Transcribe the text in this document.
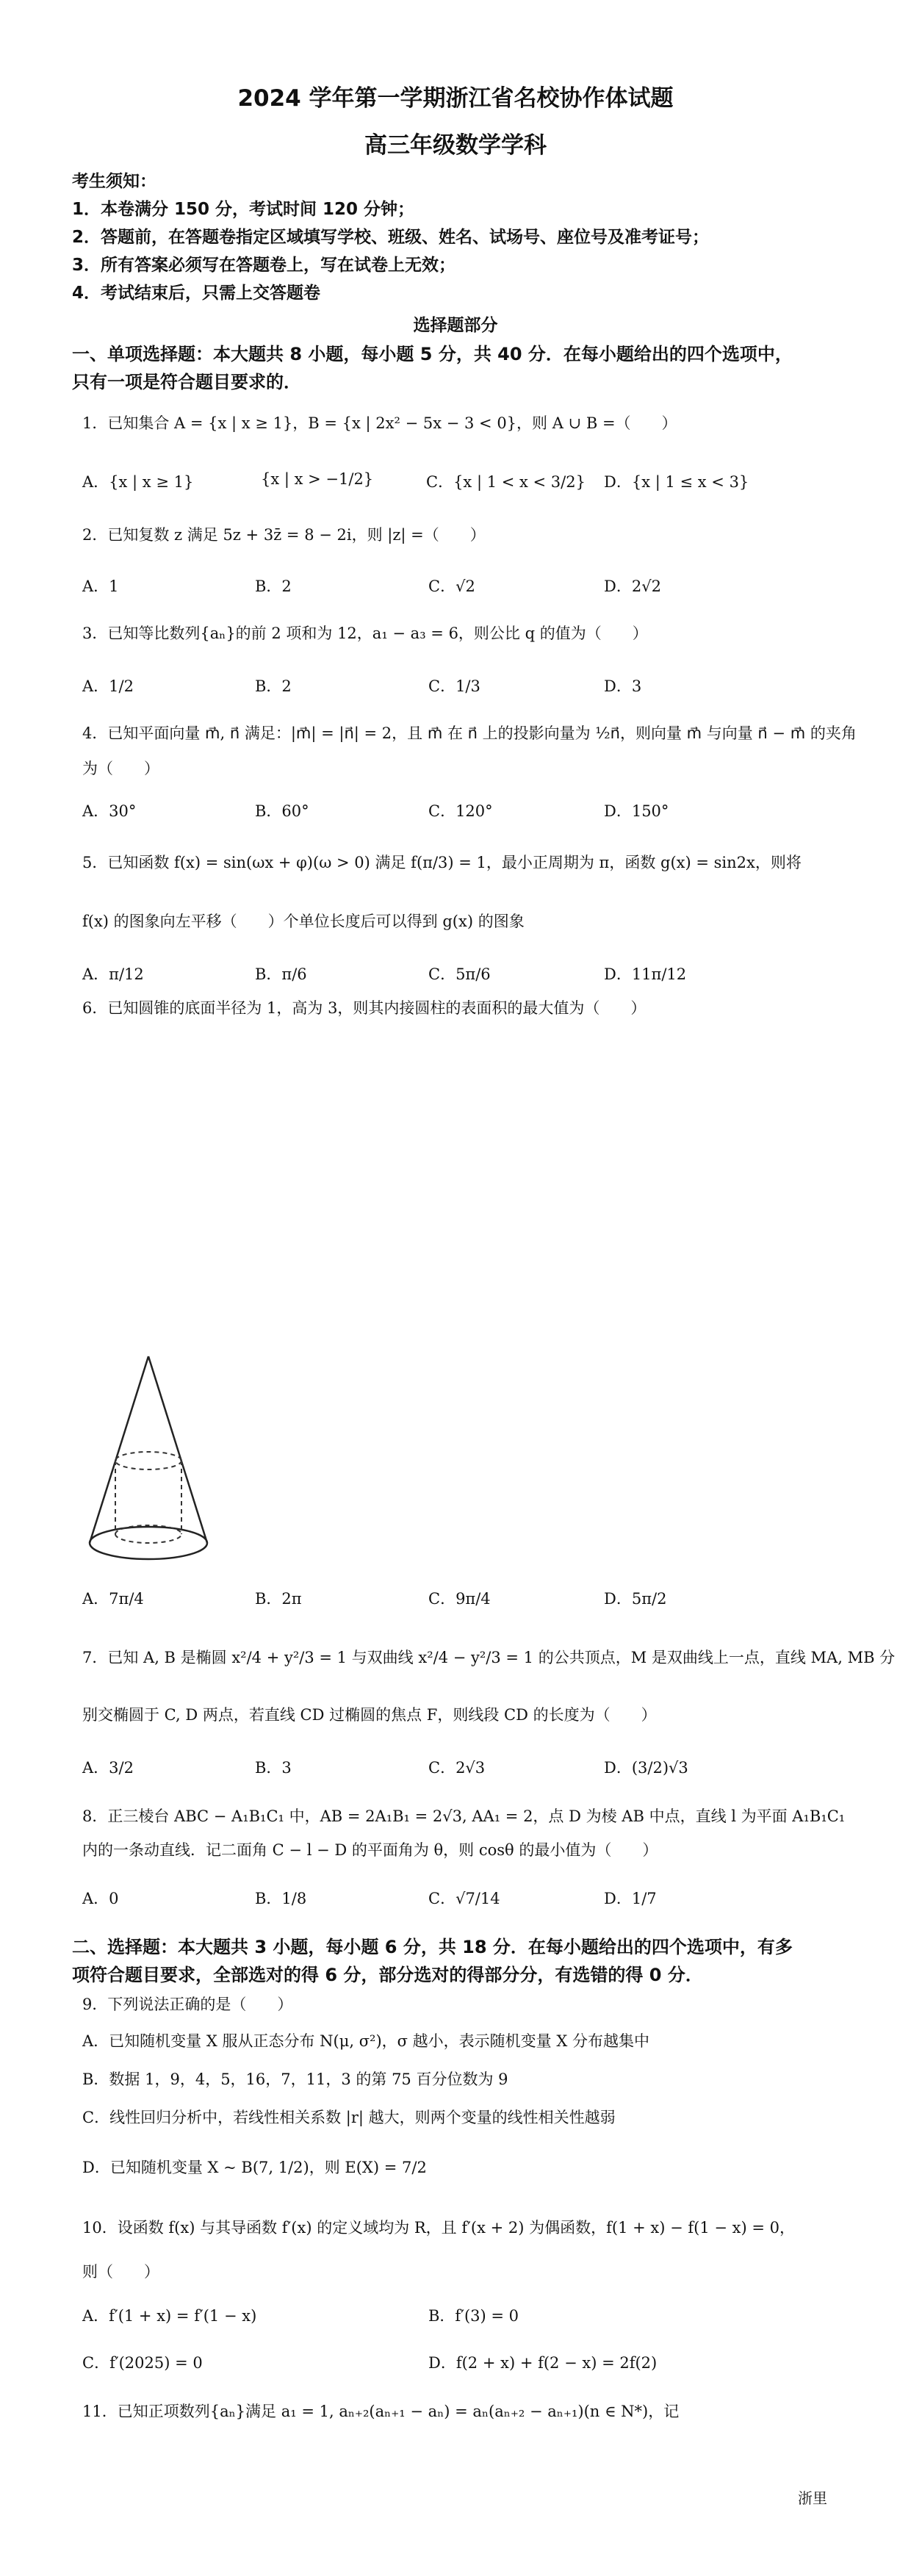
2024 学年第一学期浙江省名校协作体试题
高三年级数学学科
考生须知：
1．本卷满分 150 分，考试时间 120 分钟；
2．答题前，在答题卷指定区域填写学校、班级、姓名、试场号、座位号及准考证号；
3．所有答案必须写在答题卷上，写在试卷上无效；
4．考试结束后，只需上交答题卷
选择题部分
一、单项选择题：本大题共 8 小题，每小题 5 分，共 40 分．在每小题给出的四个选项中，
只有一项是符合题目要求的．
1．已知集合 A = {x | x ≥ 1}，B = {x | 2x² − 5x − 3 < 0}，则 A ∪ B =（　　）
A．{x | x ≥ 1}	{x | x > −1/2}	C．{x | 1 < x < 3/2} D．{x | 1 ≤ x < 3}
2．已知复数 z 满足 5z + 3z̄ = 8 − 2i，则 |z| =（　　）
A．1	B．2	C．√2	D．2√2
3．已知等比数列{aₙ}的前 2 项和为 12，a₁ − a₃ = 6，则公比 q 的值为（　　）
A．1/2	B．2	C．1/3	D．3
4．已知平面向量 m⃗, n⃗ 满足：|m⃗| = |n⃗| = 2，且 m⃗ 在 n⃗ 上的投影向量为 ½n⃗，则向量 m⃗ 与向量 n⃗ − m⃗ 的夹角
为（　　）
A．30°	B．60°	C．120°	D．150°
5．已知函数 f(x) = sin(ωx + φ)(ω > 0) 满足 f(π/3) = 1，最小正周期为 π，函数 g(x) = sin2x，则将
f(x) 的图象向左平移（　　）个单位长度后可以得到 g(x) 的图象
A．π/12	B．π/6	C．5π/6	D．11π/12
6．已知圆锥的底面半径为 1，高为 3，则其内接圆柱的表面积的最大值为（　　）
A．7π/4	B．2π	C．9π/4	D．5π/2
7．已知 A, B 是椭圆 x²/4 + y²/3 = 1 与双曲线 x²/4 − y²/3 = 1 的公共顶点，M 是双曲线上一点，直线 MA, MB 分
别交椭圆于 C, D 两点，若直线 CD 过椭圆的焦点 F，则线段 CD 的长度为（　　）
A．3/2	B．3	C．2√3	D．(3/2)√3
8．正三棱台 ABC − A₁B₁C₁ 中，AB = 2A₁B₁ = 2√3, AA₁ = 2，点 D 为棱 AB 中点，直线 l 为平面 A₁B₁C₁
内的一条动直线．记二面角 C − l − D 的平面角为 θ，则 cosθ 的最小值为（　　）
A．0	B．1/8	C．√7/14	D．1/7
二、选择题：本大题共 3 小题，每小题 6 分，共 18 分．在每小题给出的四个选项中，有多
项符合题目要求，全部选对的得 6 分，部分选对的得部分分，有选错的得 0 分．
9．下列说法正确的是（　　）
A．已知随机变量 X 服从正态分布 N(μ, σ²)，σ 越小，表示随机变量 X 分布越集中
B．数据 1，9，4，5，16，7，11，3 的第 75 百分位数为 9
C．线性回归分析中，若线性相关系数 |r| 越大，则两个变量的线性相关性越弱
D．已知随机变量 X ~ B(7, 1/2)，则 E(X) = 7/2
10．设函数 f(x) 与其导函数 f′(x) 的定义域均为 R，且 f′(x + 2) 为偶函数，f(1 + x) − f(1 − x) = 0，
则（　　）
A．f′(1 + x) = f′(1 − x)	B．f′(3) = 0
C．f′(2025) = 0	D．f(2 + x) + f(2 − x) = 2f(2)
11．已知正项数列{aₙ}满足 a₁ = 1, aₙ₊₂(aₙ₊₁ − aₙ) = aₙ(aₙ₊₂ − aₙ₊₁)(n ∈ N*)，记
浙里
